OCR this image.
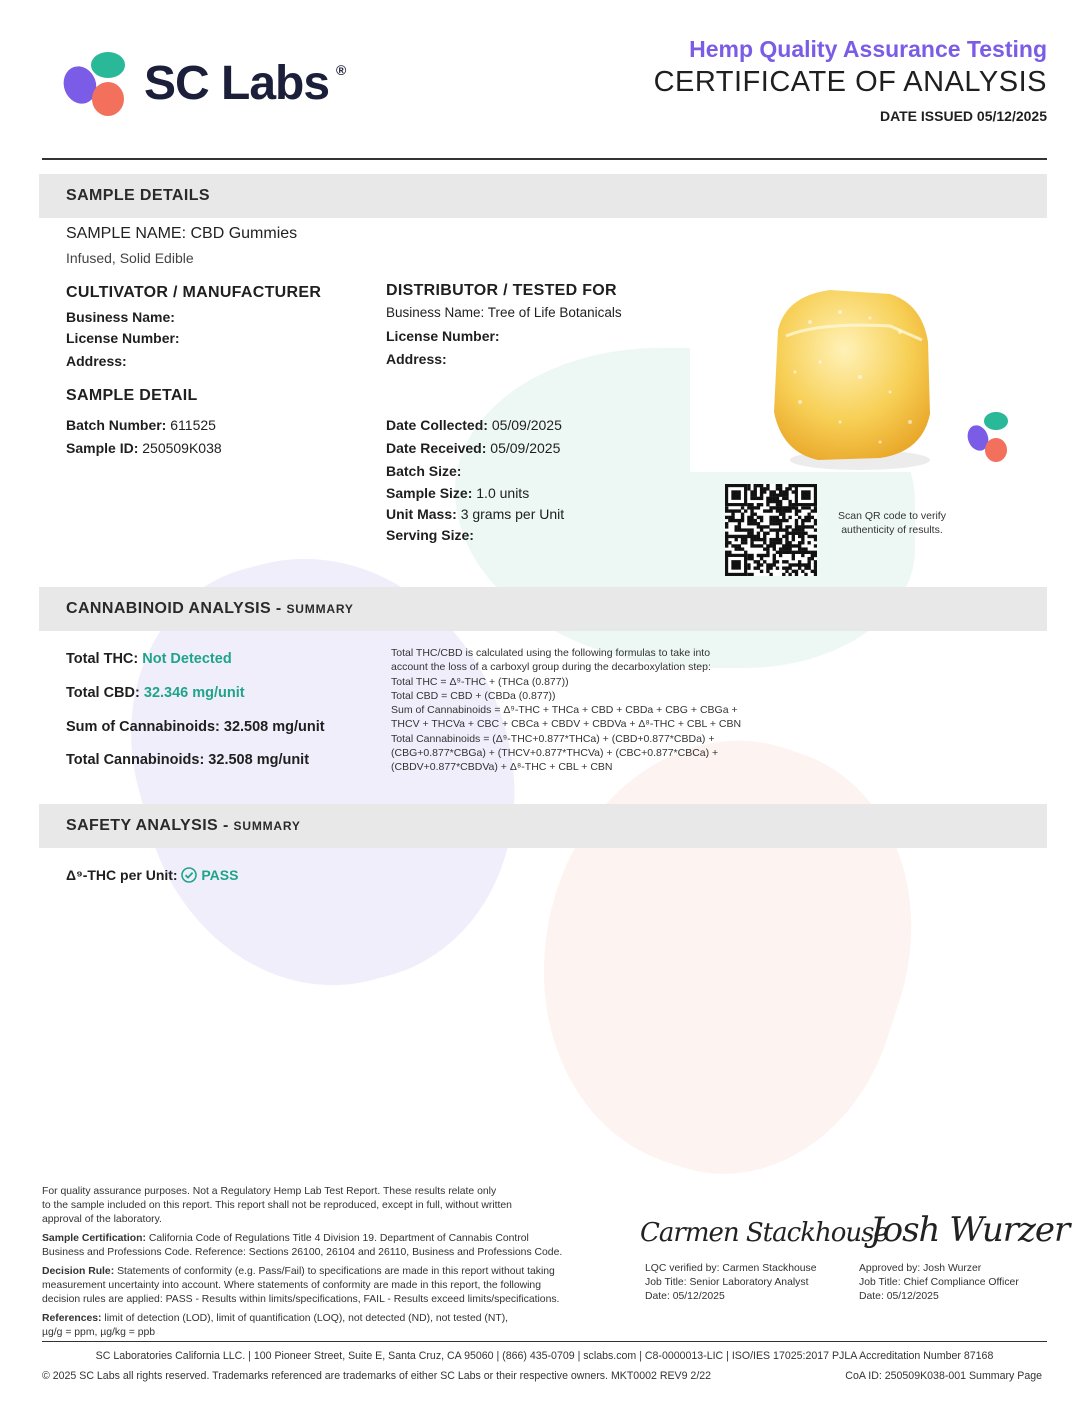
SC Labs ®
Hemp Quality Assurance Testing
CERTIFICATE OF ANALYSIS
DATE ISSUED 05/12/2025
SAMPLE DETAILS
SAMPLE NAME: CBD Gummies
Infused, Solid Edible
CULTIVATOR / MANUFACTURER
Business Name:
License Number:
Address:
DISTRIBUTOR / TESTED FOR
Business Name: Tree of Life Botanicals
License Number:
Address:
SAMPLE DETAIL
Batch Number: 611525
Sample ID: 250509K038
Date Collected: 05/09/2025
Date Received: 05/09/2025
Batch Size:
Sample Size: 1.0 units
Unit Mass: 3 grams per Unit
Serving Size:
Scan QR code to verify
authenticity of results.
CANNABINOID ANALYSIS - SUMMARY
Total THC: Not Detected
Total CBD: 32.346 mg/unit
Sum of Cannabinoids: 32.508 mg/unit
Total Cannabinoids: 32.508 mg/unit
Total THC/CBD is calculated using the following formulas to take into
account the loss of a carboxyl group during the decarboxylation step:
Total THC = Δ⁹-THC + (THCa (0.877))
Total CBD = CBD + (CBDa (0.877))
Sum of Cannabinoids = Δ⁹-THC + THCa + CBD + CBDa + CBG + CBGa +
THCV + THCVa + CBC + CBCa + CBDV + CBDVa + Δ⁸-THC + CBL + CBN
Total Cannabinoids = (Δ⁹-THC+0.877*THCa) + (CBD+0.877*CBDa) +
(CBG+0.877*CBGa) + (THCV+0.877*THCVa) + (CBC+0.877*CBCa) +
(CBDV+0.877*CBDVa) + Δ⁸-THC + CBL + CBN
SAFETY ANALYSIS - SUMMARY
Δ⁹-THC per Unit: PASS
For quality assurance purposes. Not a Regulatory Hemp Lab Test Report. These results relate only
to the sample included on this report. This report shall not be reproduced, except in full, without written
approval of the laboratory.
Sample Certification: California Code of Regulations Title 4 Division 19. Department of Cannabis Control
Business and Professions Code. Reference: Sections 26100, 26104 and 26110, Business and Professions Code.
Decision Rule: Statements of conformity (e.g. Pass/Fail) to specifications are made in this report without taking
measurement uncertainty into account. Where statements of conformity are made in this report, the following
decision rules are applied: PASS - Results within limits/specifications, FAIL - Results exceed limits/specifications.
References: limit of detection (LOD), limit of quantification (LOQ), not detected (ND), not tested (NT),
µg/g = ppm, µg/kg = ppb
Carmen Stackhouse
LQC verified by: Carmen Stackhouse
Job Title: Senior Laboratory Analyst
Date: 05/12/2025
Josh Wurzer
Approved by: Josh Wurzer
Job Title: Chief Compliance Officer
Date: 05/12/2025
SC Laboratories California LLC. | 100 Pioneer Street, Suite E, Santa Cruz, CA 95060 | (866) 435-0709 | sclabs.com | C8-0000013-LIC | ISO/IES 17025:2017 PJLA Accreditation Number 87168
© 2025 SC Labs all rights reserved. Trademarks referenced are trademarks of either SC Labs or their respective owners. MKT0002 REV9 2/22	CoA ID: 250509K038-001 Summary Page
